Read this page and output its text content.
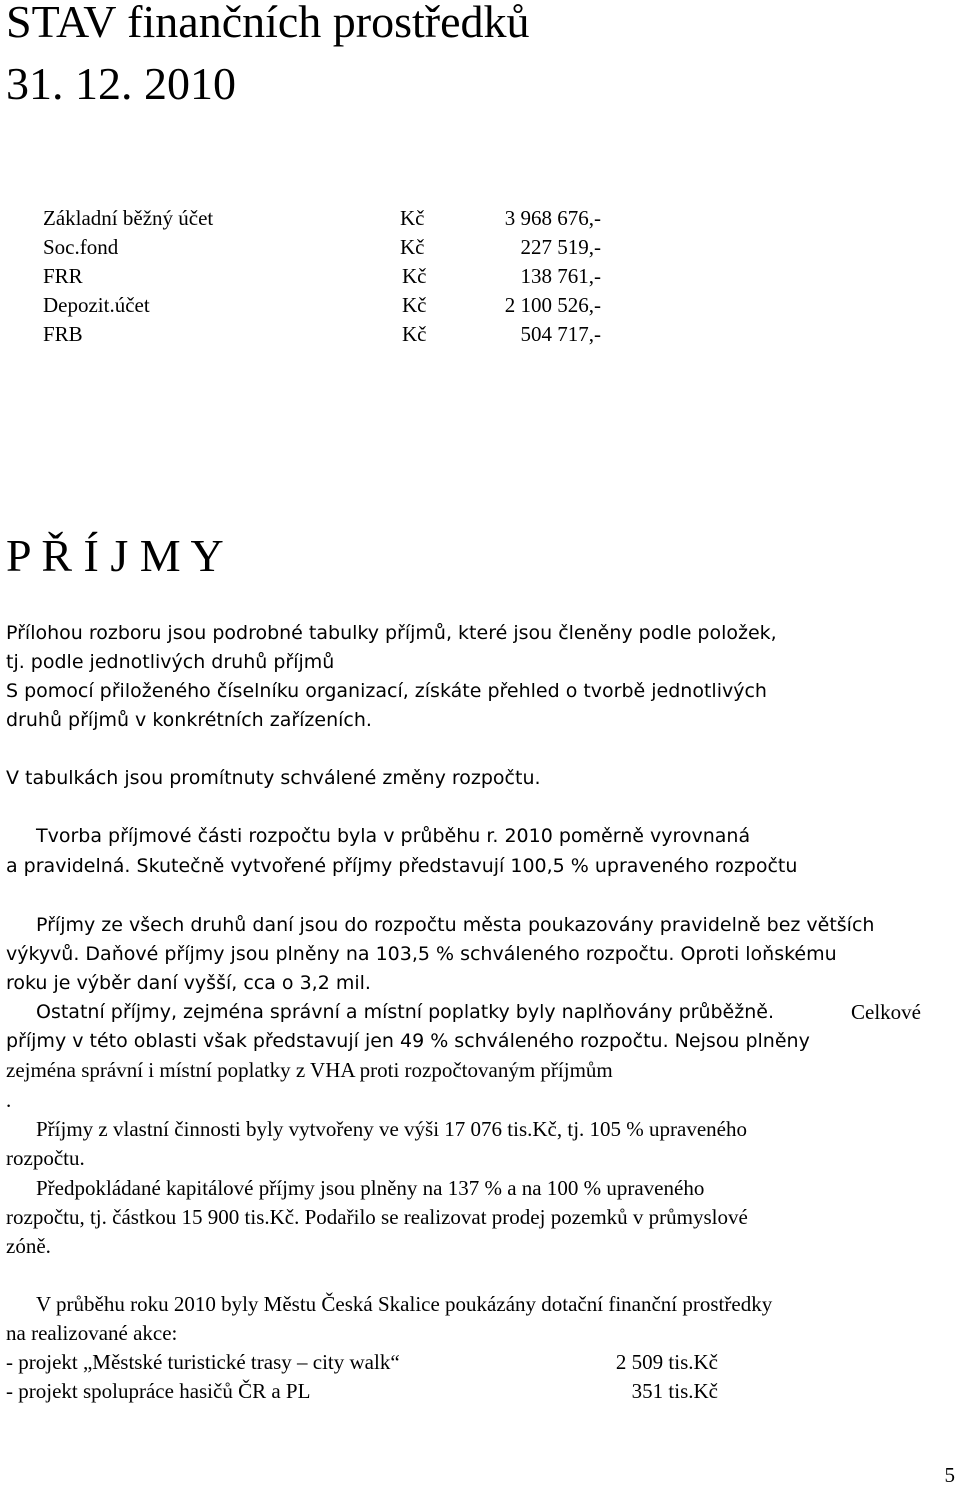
STAV finančních prostředků
31. 12. 2010
Základní běžný účet	Kč	3 968 676,-
Soc.fond	Kč	227 519,-
FRR	Kč	138 761,-
Depozit.účet	Kč	2 100 526,-
FRB	Kč	504 717,-
P Ř Í J M Y
Přílohou rozboru jsou podrobné tabulky příjmů, které jsou členěny podle položek,
tj. podle jednotlivých druhů příjmů
S pomocí přiloženého číselníku organizací, získáte přehled o tvorbě jednotlivých
druhů příjmů v konkrétních zařízeních.
V tabulkách jsou promítnuty schválené změny rozpočtu.
Tvorba příjmové části rozpočtu byla v průběhu r. 2010 poměrně vyrovnaná
a pravidelná. Skutečně vytvořené příjmy představují 100,5 % upraveného rozpočtu
Příjmy ze všech druhů daní jsou do rozpočtu města poukazovány pravidelně bez větších
výkyvů. Daňové příjmy jsou plněny na 103,5 % schváleného rozpočtu. Oproti loňskému
roku je výběr daní vyšší, cca o 3,2 mil.
Ostatní příjmy, zejména správní a místní poplatky byly naplňovány průběžně.	Celkové
příjmy v této oblasti však představují jen 49 % schváleného rozpočtu. Nejsou plněny
zejména správní i místní poplatky z VHA proti rozpočtovaným příjmům
.
Příjmy z vlastní činnosti byly vytvořeny ve výši 17 076 tis.Kč, tj. 105 % upraveného
rozpočtu.
Předpokládané kapitálové příjmy jsou plněny na 137 % a na 100 % upraveného
rozpočtu, tj. částkou 15 900 tis.Kč. Podařilo se realizovat prodej pozemků v průmyslové
zóně.
V průběhu roku 2010 byly Městu Česká Skalice poukázány dotační finanční prostředky
na realizované akce:
- projekt „Městské turistické trasy – city walk“	2 509 tis.Kč
- projekt spolupráce hasičů ČR a PL	351 tis.Kč
5
